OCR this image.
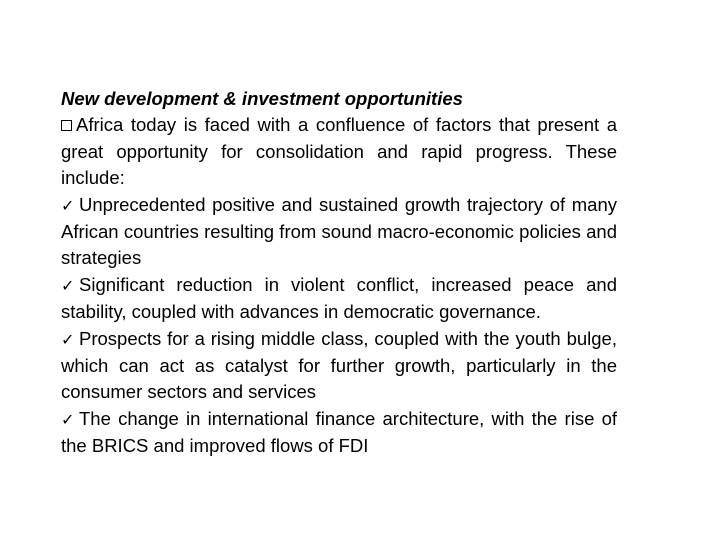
New development & investment opportunities

Africa today is faced with a confluence of factors that present a great opportunity for consolidation and rapid progress. These include:

✓ Unprecedented positive and sustained growth trajectory of many African countries resulting from sound macro-economic policies and strategies

✓ Significant reduction in violent conflict, increased peace and stability, coupled with advances in democratic governance.

✓ Prospects for a rising middle class, coupled with the youth bulge, which can act as catalyst for further growth, particularly in the consumer sectors and services

✓ The change in international finance architecture, with the rise of the BRICS and improved flows of FDI
